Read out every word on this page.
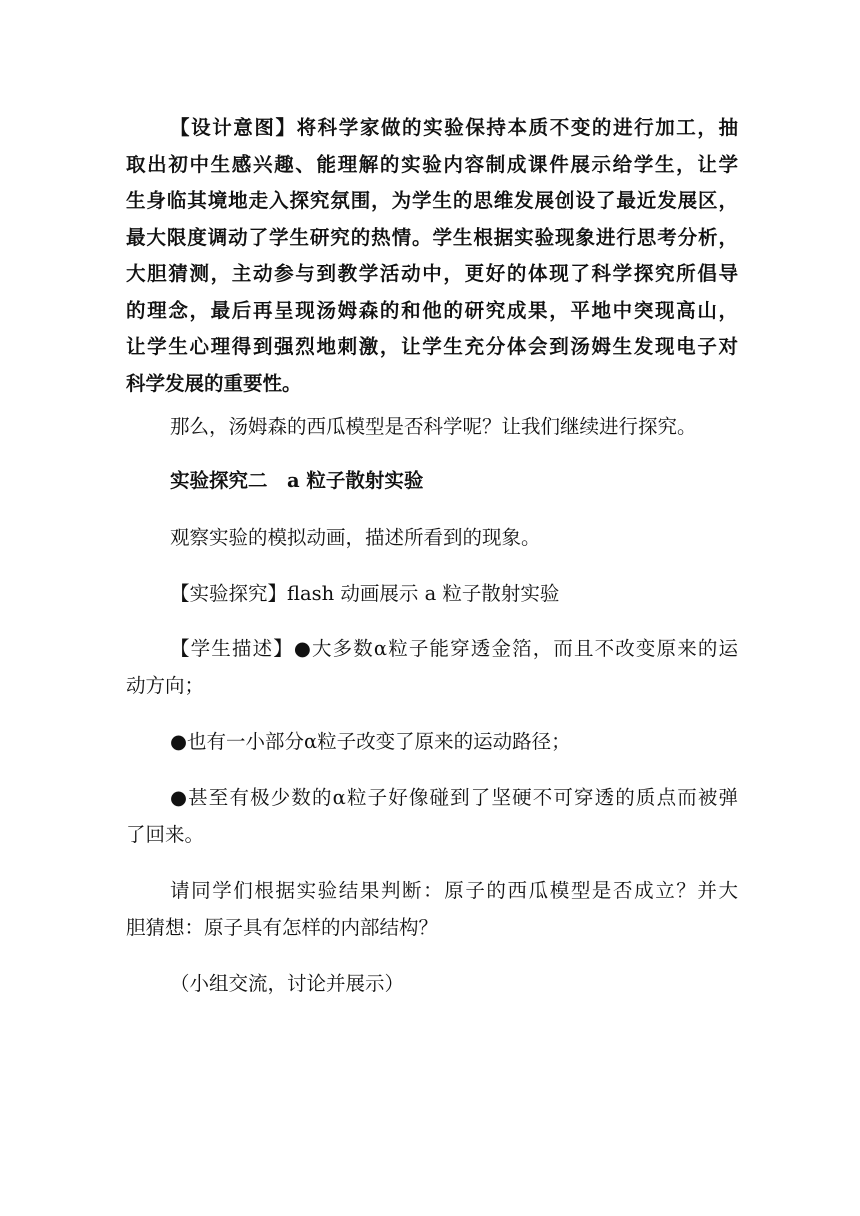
【设计意图】将科学家做的实验保持本质不变的进行加工，抽
取出初中生感兴趣、能理解的实验内容制成课件展示给学生，让学
生身临其境地走入探究氛围，为学生的思维发展创设了最近发展区，
最大限度调动了学生研究的热情。学生根据实验现象进行思考分析，
大胆猜测，主动参与到教学活动中，更好的体现了科学探究所倡导
的理念，最后再呈现汤姆森的和他的研究成果，平地中突现高山，
让学生心理得到强烈地刺激，让学生充分体会到汤姆生发现电子对
科学发展的重要性。

那么，汤姆森的西瓜模型是否科学呢？让我们继续进行探究。

实验探究二　a 粒子散射实验

观察实验的模拟动画，描述所看到的现象。

【实验探究】flash 动画展示 a 粒子散射实验

【学生描述】●大多数α粒子能穿透金箔，而且不改变原来的运
动方向；

●也有一小部分α粒子改变了原来的运动路径；

●甚至有极少数的α粒子好像碰到了坚硬不可穿透的质点而被弹
了回来。
请同学们根据实验结果判断：原子的西瓜模型是否成立？并大
胆猜想：原子具有怎样的内部结构？

（小组交流，讨论并展示）
